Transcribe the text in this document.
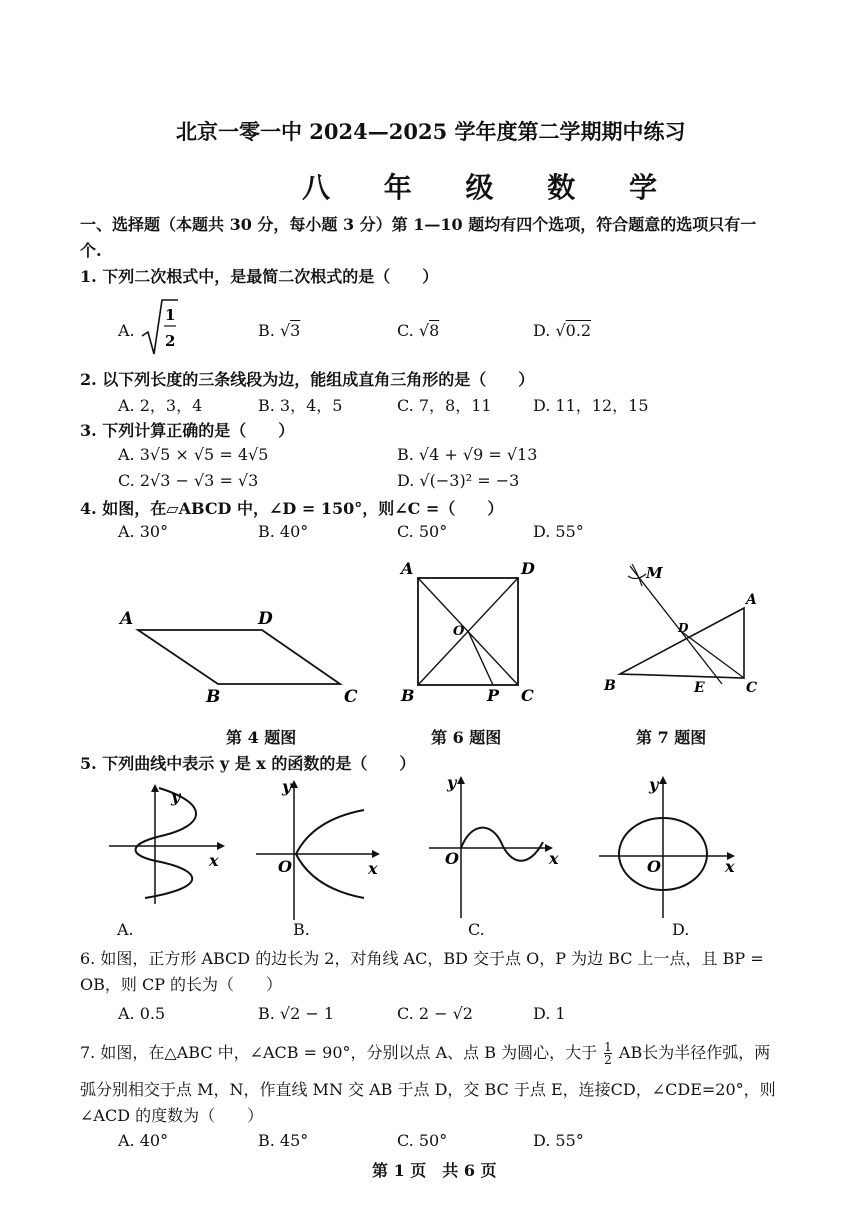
北京一零一中 2024—2025 学年度第二学期期中练习
八 年 级 数 学
一、选择题（本题共 30 分，每小题 3 分）第 1—10 题均有四个选项，符合题意的选项只有一
个.
1. 下列二次根式中，是最简二次根式的是（　　）
A.
1
2
B. √3	C. √8	D. √0.2
2. 以下列长度的三条线段为边，能组成直角三角形的是（　　）
A. 2，3，4	B. 3，4，5	C. 7，8，11	D. 11，12，15
3. 下列计算正确的是（　　）
A. 3√5 × √5 = 4√5	B. √4 + √9 = √13
C. 2√3 − √3 = √3	D. √(−3)² = −3
4. 如图，在▱ABCD 中，∠D = 150°，则∠C =（　　）
A. 30°	B. 40°	C. 50°	D. 55°
A	D
B	C
第 4 题图
A	D
O
B	P C
第 6 题图
M
A
D
B	E	C
第 7 题图
5. 下列曲线中表示 y 是 x 的函数的是（　　）
y
x
A.
y
x
O
B.
y
x
O
C.
y
x
O
D.
6. 如图，正方形 ABCD 的边长为 2，对角线 AC，BD 交于点 O，P 为边 BC 上一点，且 BP =
OB，则 CP 的长为（　　）
A. 0.5	B. √2 − 1	C. 2 − √2	D. 1
7. 如图，在△ABC 中，∠ACB = 90°，分别以点 A、点 B 为圆心，大于 $\frac{1}{2}$ AB长为半径作弧，两
弧分别相交于点 M，N，作直线 MN 交 AB 于点 D，交 BC 于点 E，连接CD，∠CDE=20°，则
∠ACD 的度数为（　　）
A. 40°	B. 45°	C. 50°	D. 55°
第 1 页　共 6 页
